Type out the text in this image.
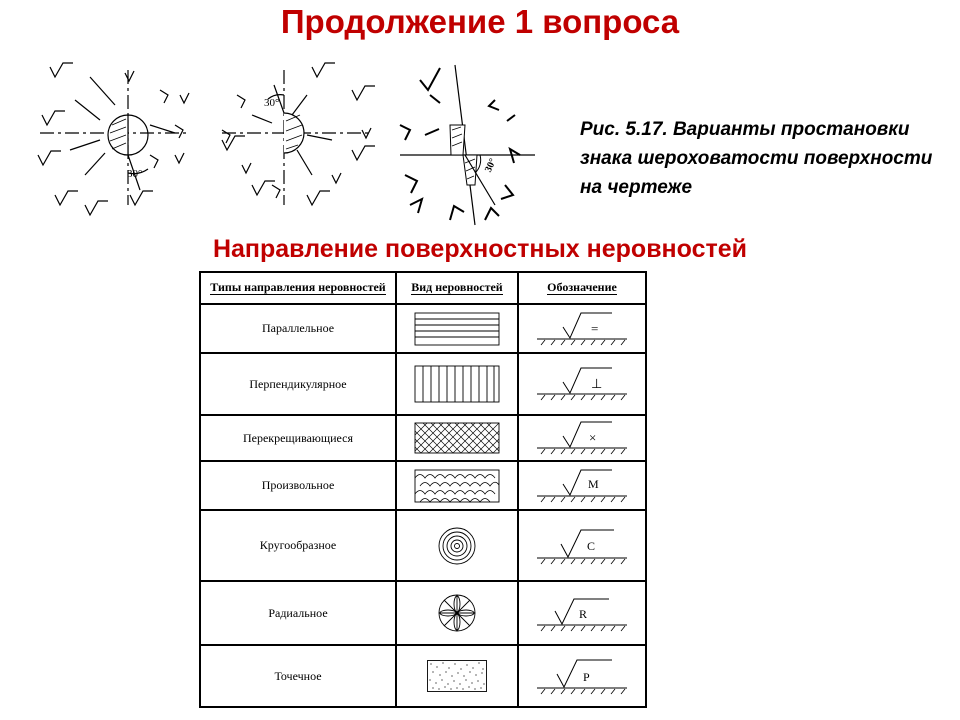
Продолжение 1 вопроса
30°
30°
30°
Рис. 5.17. Варианты простановки знака шероховатости поверхности на чертеже
Направление поверхностных неровностей
Типы направления неровностей	Вид неровностей	Обозначение
Параллельное		=

Перпендикулярное		⊥

Перекрещивающиеся		×

Произвольное		M

Кругообразное		C

Радиальное		R

Точечное		P
